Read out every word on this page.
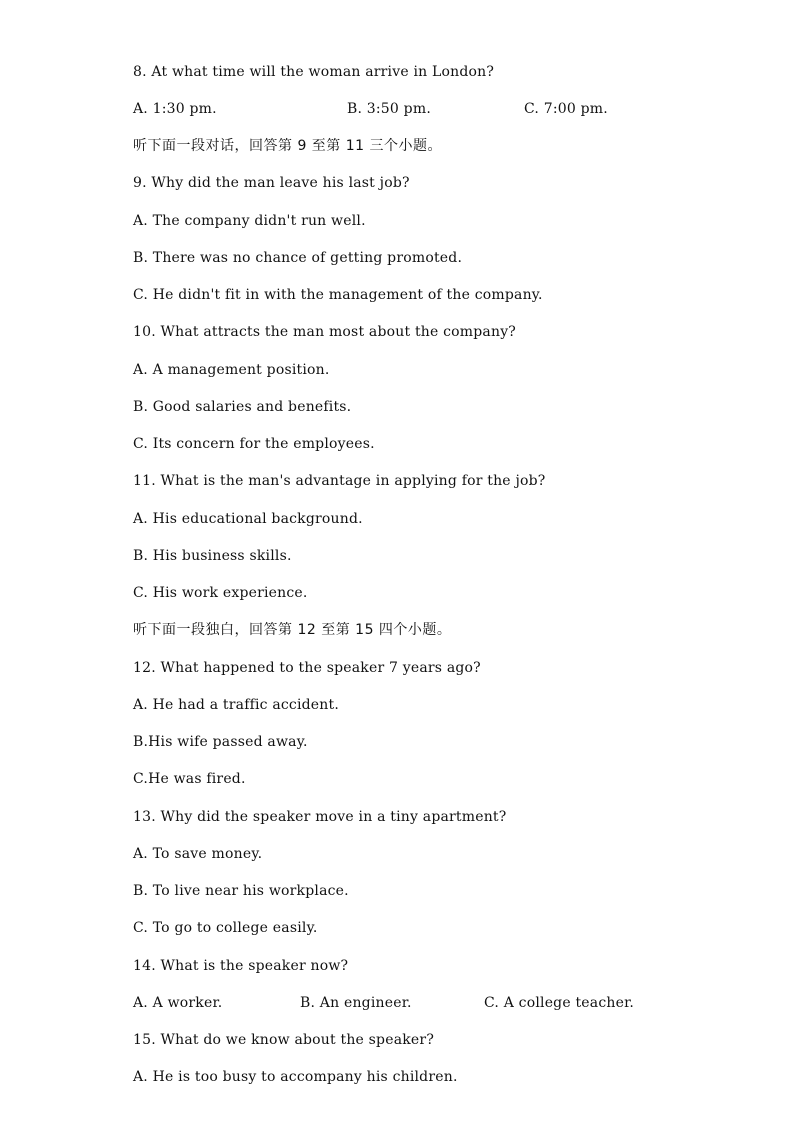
8. At what time will the woman arrive in London?
A. 1:30 pm.	B. 3:50 pm.	C. 7:00 pm.
听下面一段对话，回答第 9 至第 11 三个小题。
9. Why did the man leave his last job?
A. The company didn't run well.
B. There was no chance of getting promoted.
C. He didn't fit in with the management of the company.
10. What attracts the man most about the company?
A. A management position.
B. Good salaries and benefits.
C. Its concern for the employees.
11. What is the man's advantage in applying for the job?
A. His educational background.
B. His business skills.
C. His work experience.
听下面一段独白，回答第 12 至第 15 四个小题。
12. What happened to the speaker 7 years ago?
A. He had a traffic accident.
B.His wife passed away.
C.He was fired.
13. Why did the speaker move in a tiny apartment?
A. To save money.
B. To live near his workplace.
C. To go to college easily.
14. What is the speaker now?
A. A worker.	B. An engineer.	C. A college teacher.
15. What do we know about the speaker?
A. He is too busy to accompany his children.
